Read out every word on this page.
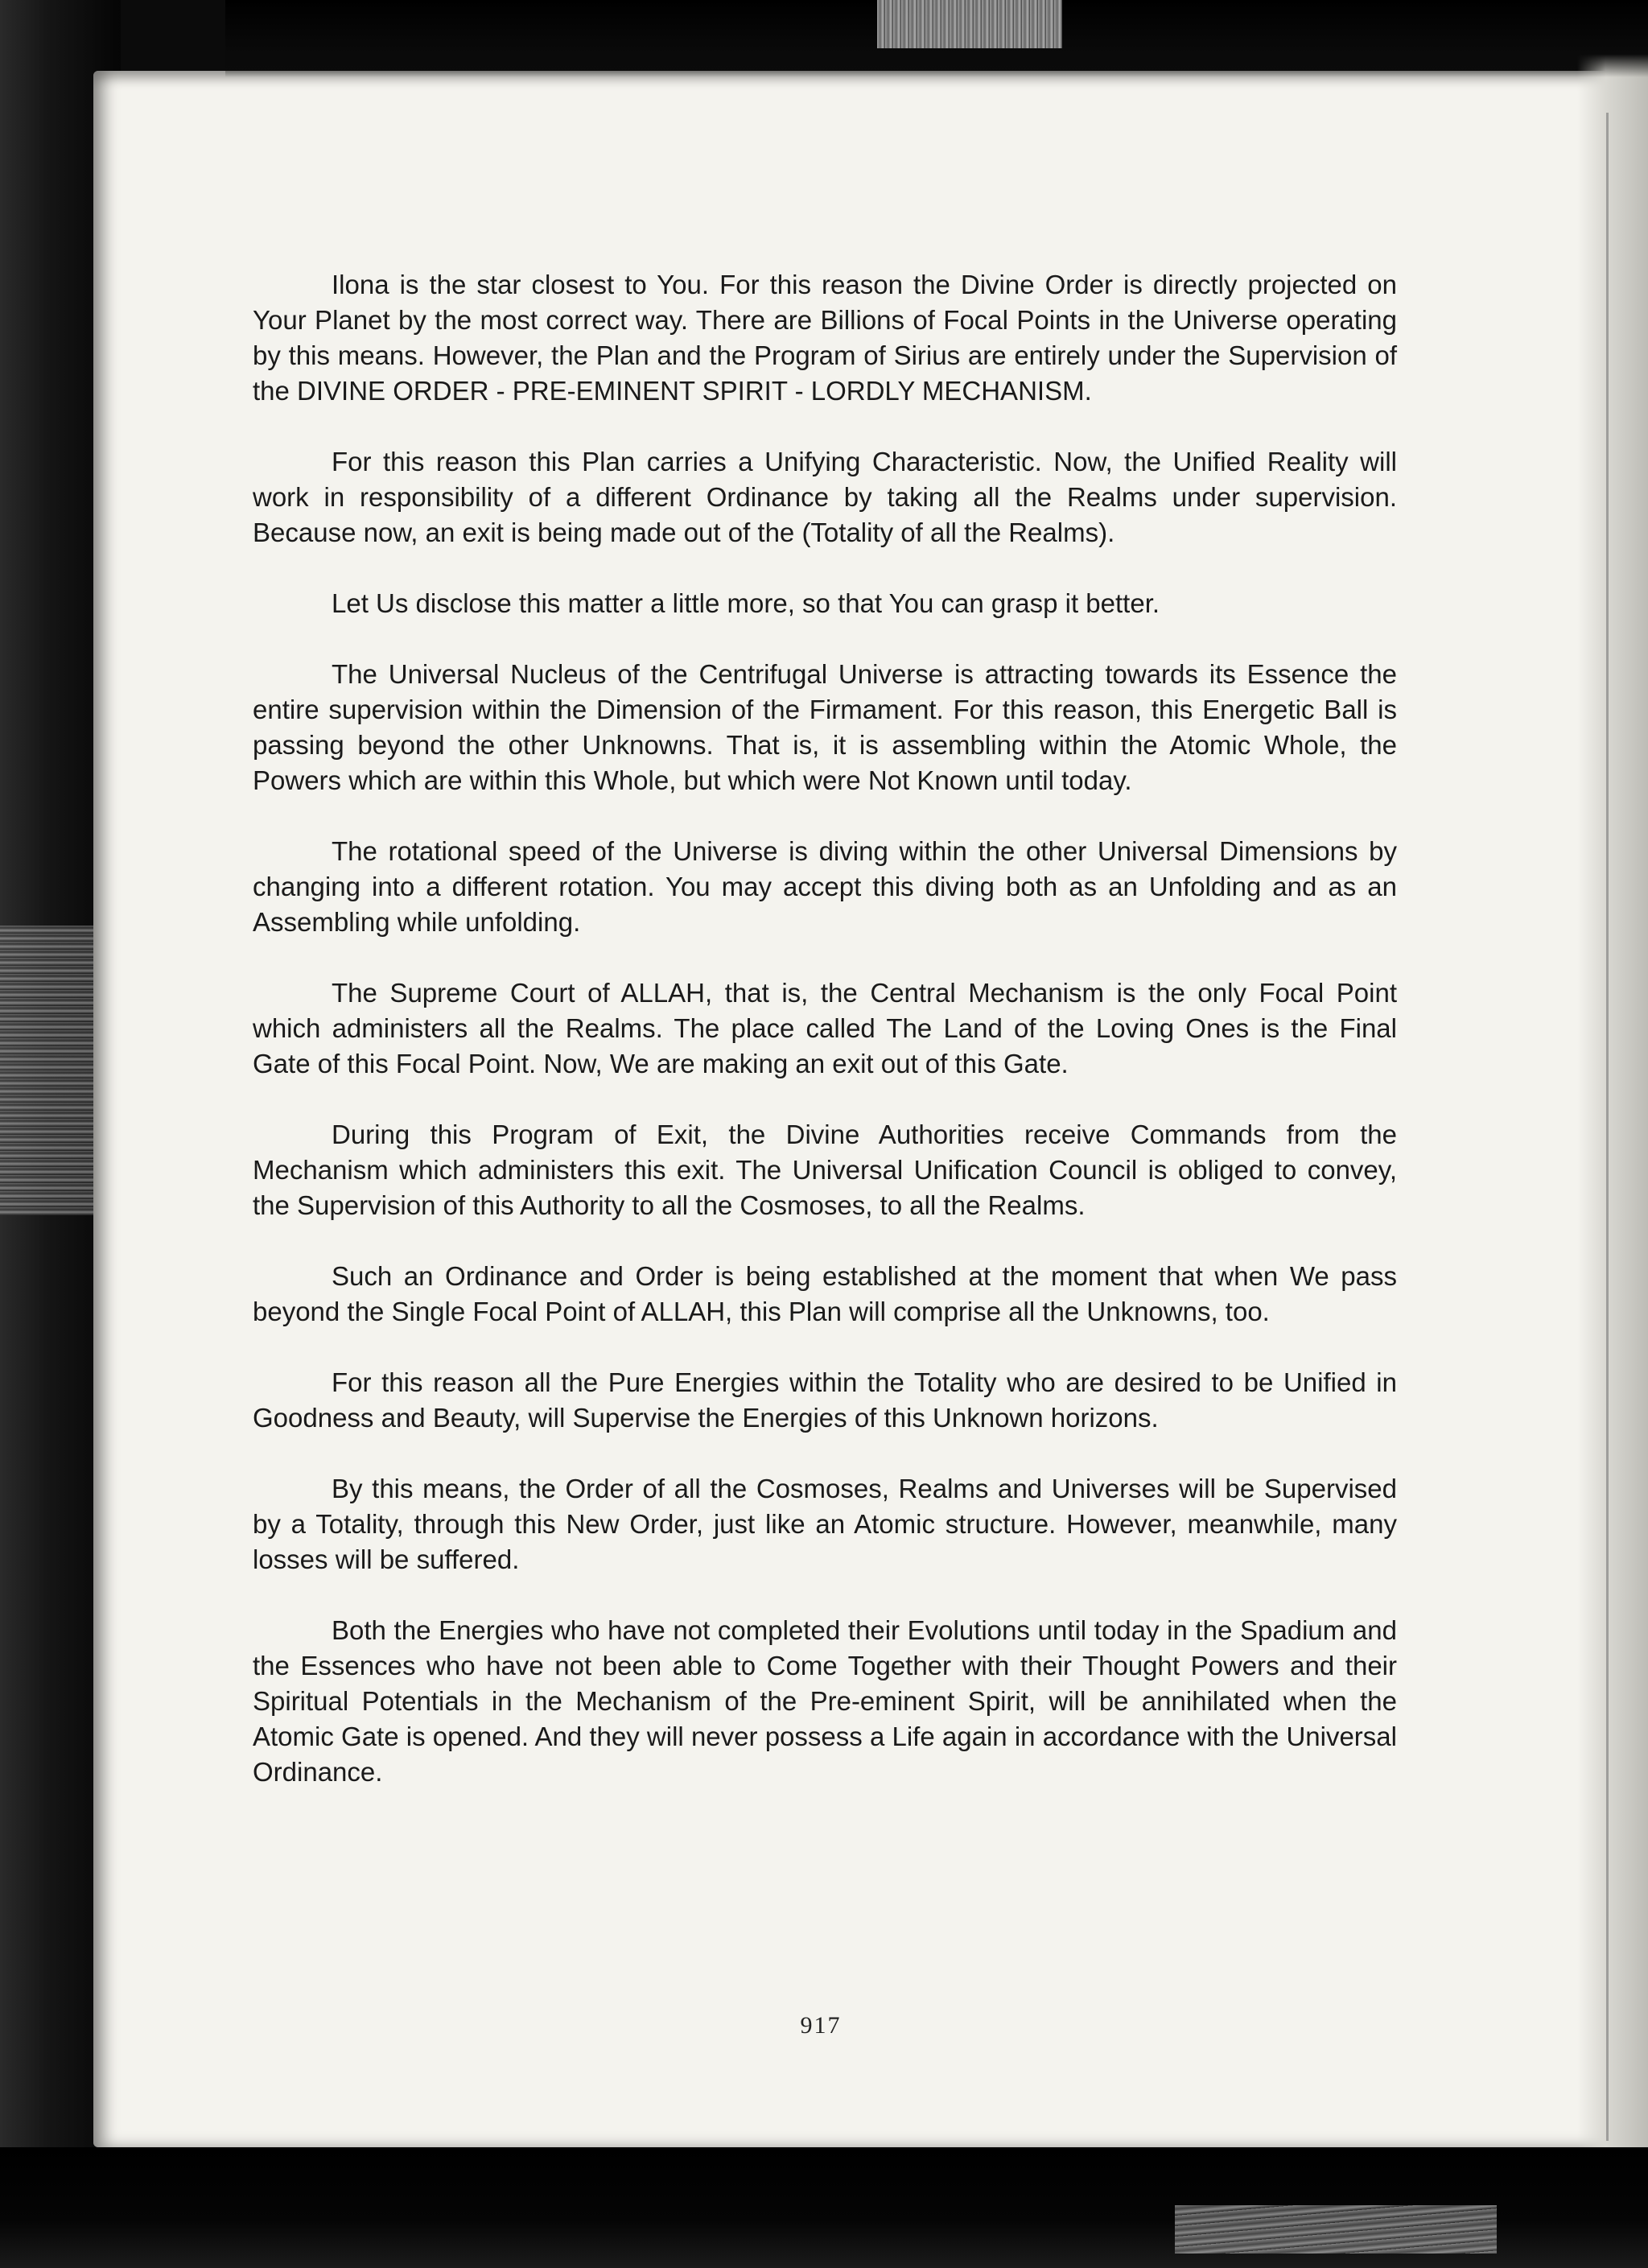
Ilona is the star closest to You. For this reason the Divine Order is directly projected on Your Planet by the most correct way. There are Billions of Focal Points in the Universe operating by this means. However, the Plan and the Program of Sirius are entirely under the Supervision of the DIVINE ORDER - PRE-EMINENT SPIRIT - LORDLY MECHANISM.

For this reason this Plan carries a Unifying Characteristic. Now, the Unified Reality will work in responsibility of a different Ordinance by taking all the Realms under supervision. Because now, an exit is being made out of the (Totality of all the Realms).

Let Us disclose this matter a little more, so that You can grasp it better.

The Universal Nucleus of the Centrifugal Universe is attracting towards its Essence the entire supervision within the Dimension of the Firmament. For this reason, this Energetic Ball is passing beyond the other Unknowns. That is, it is assembling within the Atomic Whole, the Powers which are within this Whole, but which were Not Known until today.

The rotational speed of the Universe is diving within the other Universal Dimensions by changing into a different rotation. You may accept this diving both as an Unfolding and as an Assembling while unfolding.

The Supreme Court of ALLAH, that is, the Central Mechanism is the only Focal Point which administers all the Realms. The place called The Land of the Loving Ones is the Final Gate of this Focal Point. Now, We are making an exit out of this Gate.

During this Program of Exit, the Divine Authorities receive Commands from the Mechanism which administers this exit. The Universal Unification Council is obliged to convey, the Supervision of this Authority to all the Cosmoses, to all the Realms.

Such an Ordinance and Order is being established at the moment that when We pass beyond the Single Focal Point of ALLAH, this Plan will comprise all the Unknowns, too.

For this reason all the Pure Energies within the Totality who are desired to be Unified in Goodness and Beauty, will Supervise the Energies of this Unknown horizons.

By this means, the Order of all the Cosmoses, Realms and Universes will be Supervised by a Totality, through this New Order, just like an Atomic structure. However, meanwhile, many losses will be suffered.

Both the Energies who have not completed their Evolutions until today in the Spadium and the Essences who have not been able to Come Together with their Thought Powers and their Spiritual Potentials in the Mechanism of the Pre-eminent Spirit, will be annihilated when the Atomic Gate is opened. And they will never possess a Life again in accordance with the Universal Ordinance.

917
